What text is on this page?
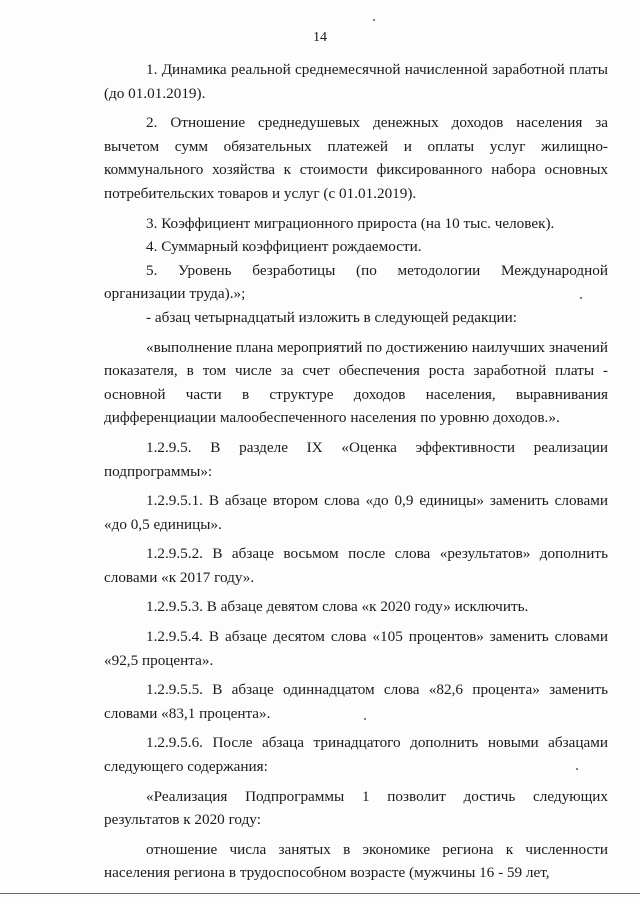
14

1. Динамика реальной среднемесячной начисленной заработной платы (до 01.01.2019).

2. Отношение среднедушевых денежных доходов населения за вычетом сумм обязательных платежей и оплаты услуг жилищно-коммунального хозяйства к стоимости фиксированного набора основных потребительских товаров и услуг (с 01.01.2019).

3. Коэффициент миграционного прироста (на 10 тыс. человек).

4. Суммарный коэффициент рождаемости.

5. Уровень безработицы (по методологии Международной организации труда).»;

- абзац четырнадцатый изложить в следующей редакции:

«выполнение плана мероприятий по достижению наилучших значений показателя, в том числе за счет обеспечения роста заработной платы - основной части в структуре доходов населения, выравнивания дифференциации малообеспеченного населения по уровню доходов.».

1.2.9.5. В разделе IX «Оценка эффективности реализации подпрограммы»:

1.2.9.5.1. В абзаце втором слова «до 0,9 единицы» заменить словами «до 0,5 единицы».

1.2.9.5.2. В абзаце восьмом после слова «результатов» дополнить словами «к 2017 году».

1.2.9.5.3. В абзаце девятом слова «к 2020 году» исключить.

1.2.9.5.4. В абзаце десятом слова «105 процентов» заменить словами «92,5 процента».

1.2.9.5.5. В абзаце одиннадцатом слова «82,6 процента» заменить словами «83,1 процента».

1.2.9.5.6. После абзаца тринадцатого дополнить новыми абзацами следующего содержания:

«Реализация Подпрограммы 1 позволит достичь следующих результатов к 2020 году:

отношение числа занятых в экономике региона к численности населения региона в трудоспособном возрасте (мужчины 16 - 59 лет,
